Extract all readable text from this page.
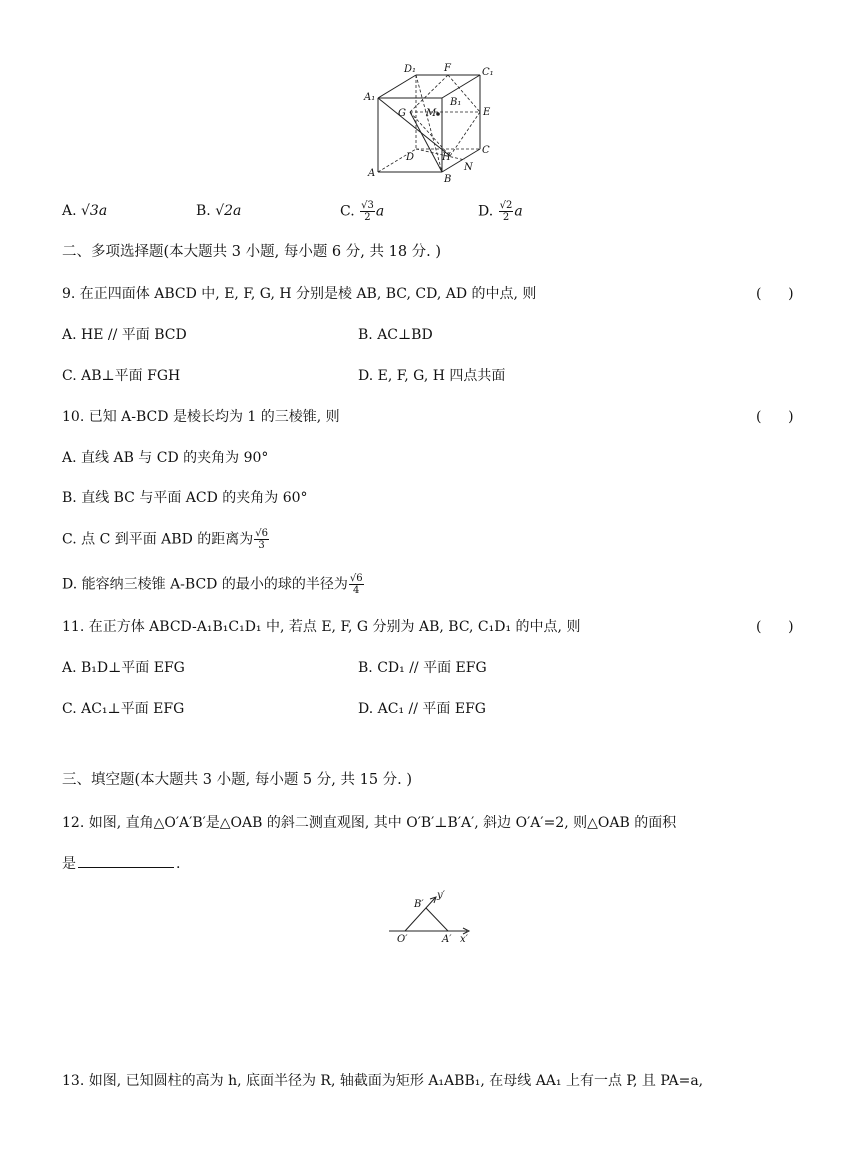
D₁	F	C₁
A₁	B₁
G M	E
D	H
C
A
B
N
A. √3a	B. √2a	C. $\frac{√3}{2}$ a	D. $\frac{√2}{2}$ a
二、多项选择题(本大题共 3 小题, 每小题 6 分, 共 18 分. )
9. 在正四面体 ABCD 中, E, F, G, H 分别是棱 AB, BC, CD, AD 的中点, 则	(      )
A. HE // 平面 BCD	B. AC⊥BD
C. AB⊥平面 FGH	D. E, F, G, H 四点共面
10. 已知 A-BCD 是棱长均为 1 的三棱锥, 则	(      )
A. 直线 AB 与 CD 的夹角为 90°
B. 直线 BC 与平面 ACD 的夹角为 60°
C. 点 C 到平面 ABD 的距离为 $\frac{√6}{3}$
D. 能容纳三棱锥 A-BCD 的最小的球的半径为 $\frac{√6}{4}$
11. 在正方体 ABCD-A₁B₁C₁D₁ 中, 若点 E, F, G 分别为 AB, BC, C₁D₁ 的中点, 则	(      )
A. B₁D⊥平面 EFG	B. CD₁ // 平面 EFG
C. AC₁⊥平面 EFG	D. AC₁ // 平面 EFG
三、填空题(本大题共 3 小题, 每小题 5 分, 共 15 分. )
12. 如图, 直角△O′A′B′是△OAB 的斜二测直观图, 其中 O′B′⊥B′A′, 斜边 O′A′=2, 则△OAB 的面积
是	.
B′
y′
O′	A′ x′
13. 如图, 已知圆柱的高为 h, 底面半径为 R, 轴截面为矩形 A₁ABB₁, 在母线 AA₁ 上有一点 P, 且 PA=a,
